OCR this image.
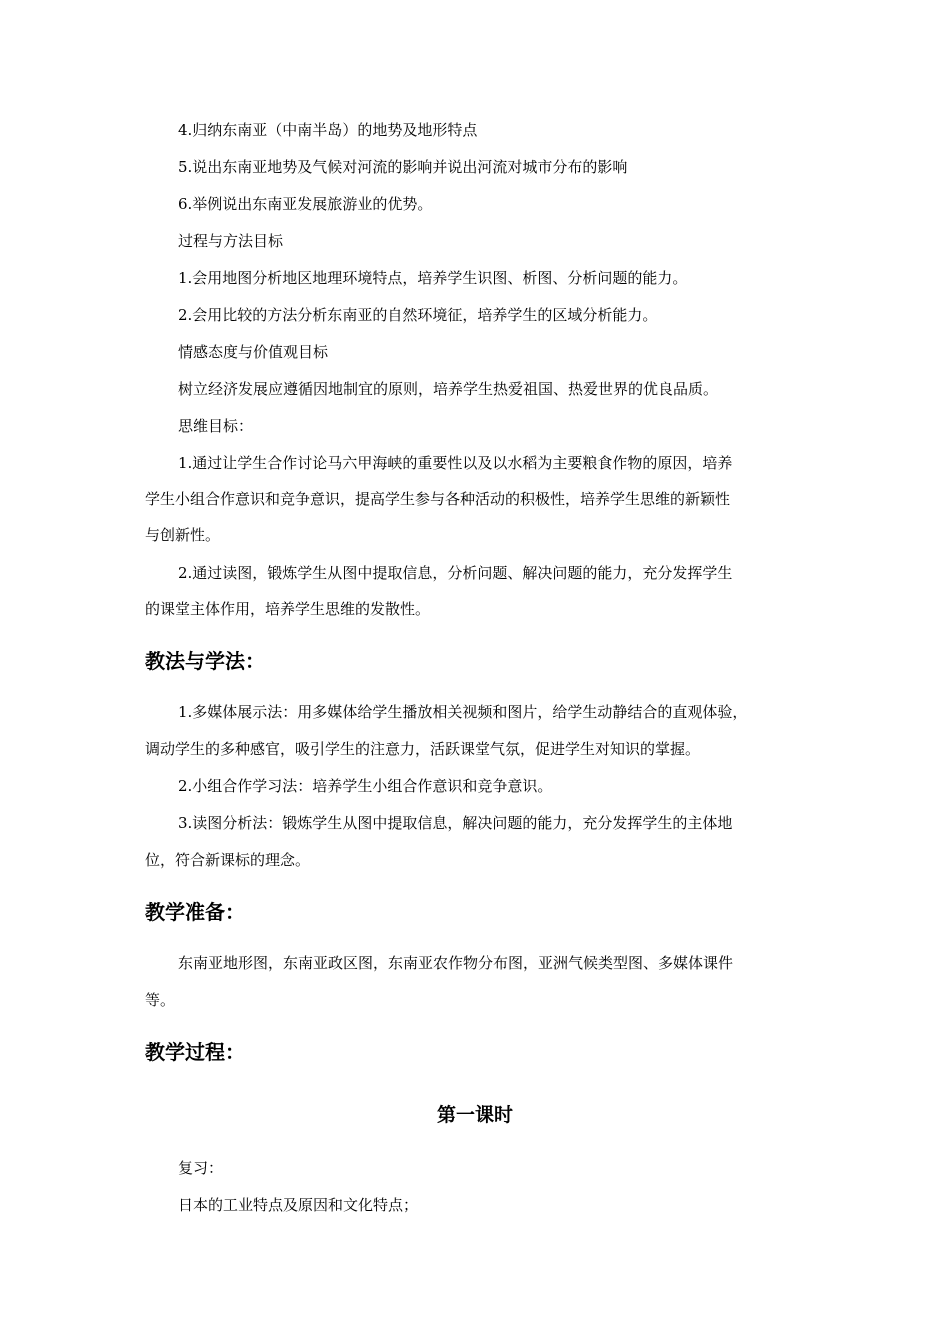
4.归纳东南亚（中南半岛）的地势及地形特点
5.说出东南亚地势及气候对河流的影响并说出河流对城市分布的影响
6.举例说出东南亚发展旅游业的优势。
过程与方法目标
1.会用地图分析地区地理环境特点，培养学生识图、析图、分析问题的能力。
2.会用比较的方法分析东南亚的自然环境征，培养学生的区域分析能力。
情感态度与价值观目标
树立经济发展应遵循因地制宜的原则，培养学生热爱祖国、热爱世界的优良品质。
思维目标：
1.通过让学生合作讨论马六甲海峡的重要性以及以水稻为主要粮食作物的原因，培养
学生小组合作意识和竞争意识，提高学生参与各种活动的积极性，培养学生思维的新颖性
与创新性。
2.通过读图，锻炼学生从图中提取信息，分析问题、解决问题的能力，充分发挥学生
的课堂主体作用，培养学生思维的发散性。
教法与学法：
1.多媒体展示法：用多媒体给学生播放相关视频和图片，给学生动静结合的直观体验，
调动学生的多种感官，吸引学生的注意力，活跃课堂气氛，促进学生对知识的掌握。
2.小组合作学习法：培养学生小组合作意识和竞争意识。
3.读图分析法：锻炼学生从图中提取信息，解决问题的能力，充分发挥学生的主体地
位，符合新课标的理念。
教学准备：
东南亚地形图，东南亚政区图，东南亚农作物分布图，亚洲气候类型图、多媒体课件
等。
教学过程：
第一课时
复习：
日本的工业特点及原因和文化特点；
